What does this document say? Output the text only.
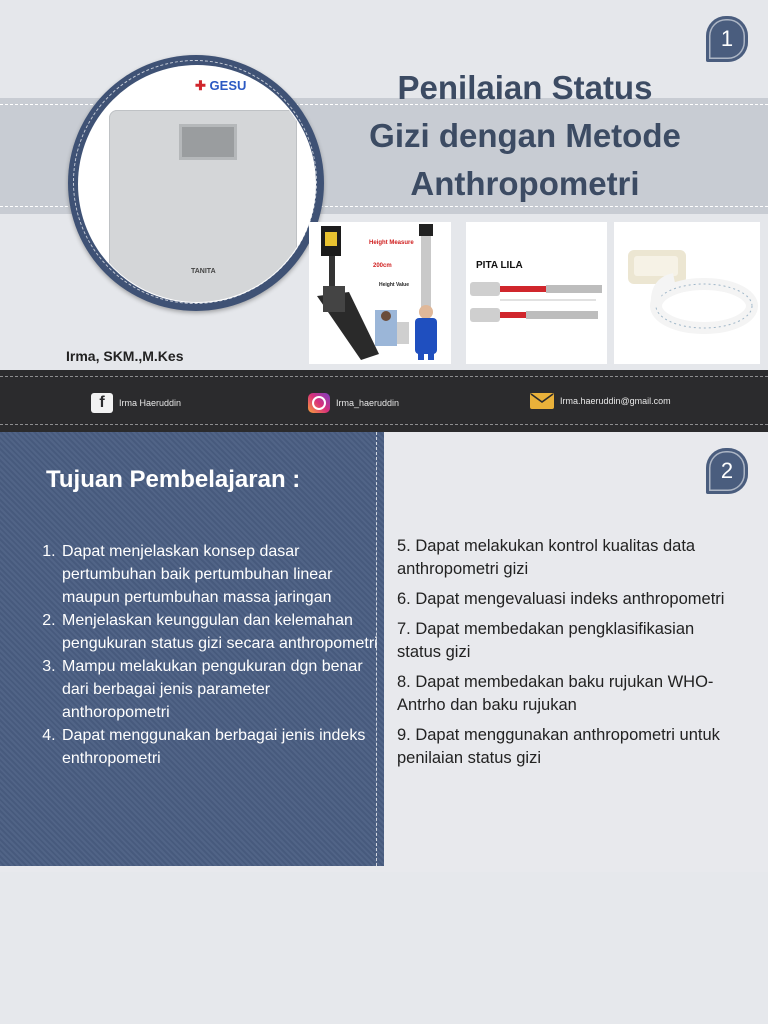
1
Penilaian Status
Gizi dengan Metode
Anthropometri
✚ GESU
TANITA
Height Measure
200cm
Height Value
PITA LILA
Irma, SKM.,M.Kes
f	Irma Haeruddin	Irma_haeruddin	Irma.haeruddin@gmail.com
Tujuan Pembelajaran :
1. Dapat menjelaskan konsep dasar pertumbuhan baik pertumbuhan linear maupun pertumbuhan massa jaringan
2. Menjelaskan keunggulan dan kelemahan pengukuran status gizi secara anthropometri
3. Mampu melakukan pengukuran dgn benar dari berbagai jenis parameter anthoropometri
4. Dapat menggunakan berbagai jenis indeks enthropometri
2

5. Dapat melakukan kontrol kualitas data anthropometri gizi

6. Dapat mengevaluasi indeks anthropometri

7. Dapat membedakan pengklasifikasian status gizi

8. Dapat membedakan baku rujukan WHO-Antrho dan baku rujukan

9. Dapat menggunakan anthropometri untuk penilaian status gizi
